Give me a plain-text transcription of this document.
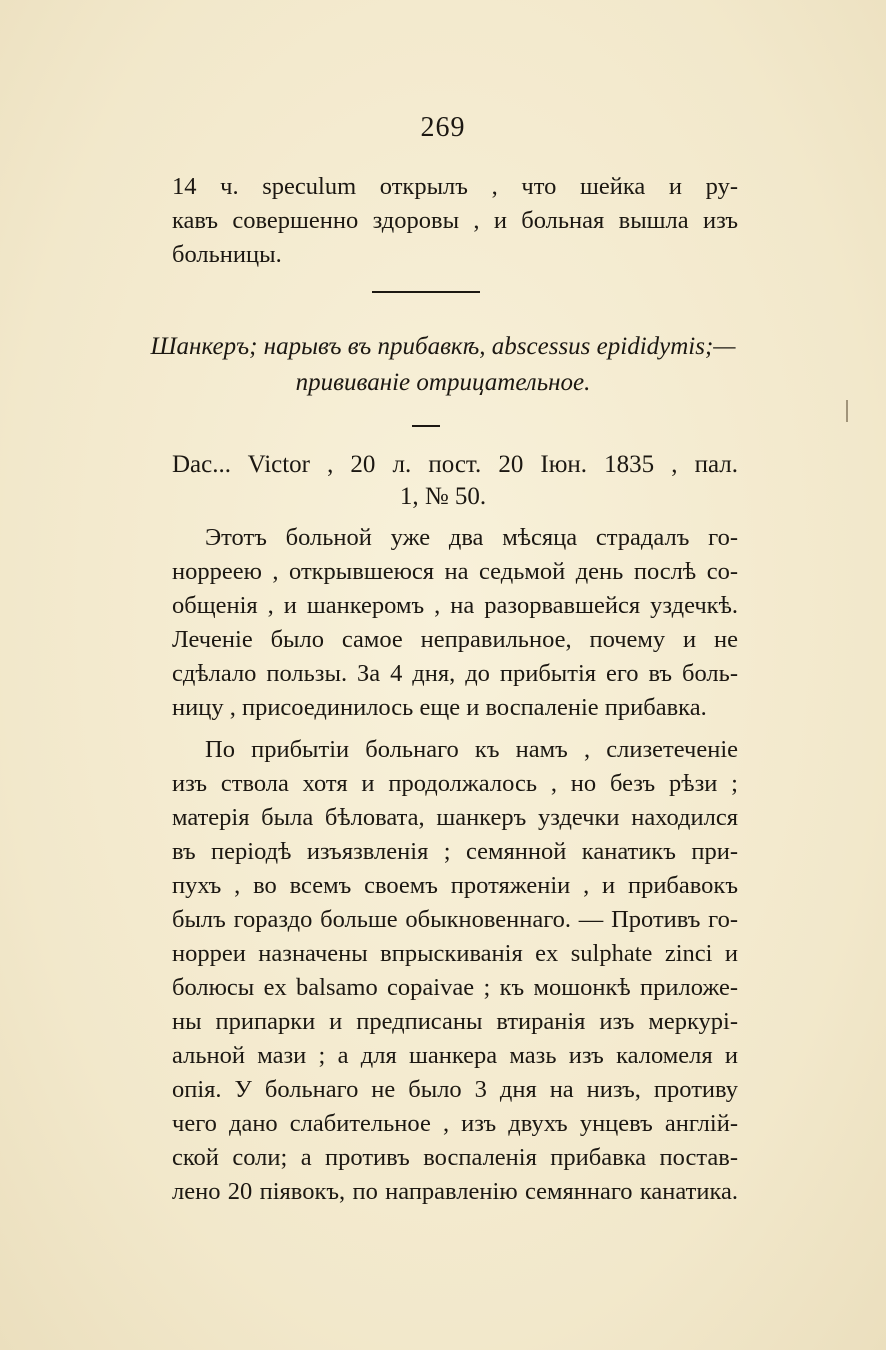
269
14 ч. speculum открылъ , что шейка и ру-
кавъ совершенно здоровы , и больная вышла изъ
больницы.
Шанкеръ; нарывъ въ прибавкѣ, abscessus epididymis;—
прививаніе отрицательное.
Dac... Victor , 20 л. пост. 20 Іюн. 1835 , пал.
1, № 50.
Этотъ больной уже два мѣсяца страдалъ го-
норреею , открывшеюся на седьмой день послѣ со-
общенія , и шанкеромъ , на разорвавшейся уздечкѣ.
Леченіе было самое неправильное, почему и не
сдѣлало пользы. За 4 дня, до прибытія его въ боль-
ницу , присоединилось еще и воспаленіе прибавка.
По прибытіи больнаго къ намъ , слизетеченіе
изъ ствола хотя и продолжалось , но безъ рѣзи ;
матерія была бѣловата, шанкеръ уздечки находился
въ періодѣ изъязвленія ; семянной канатикъ при-
пухъ , во всемъ своемъ протяженіи , и прибавокъ
былъ гораздо больше обыкновеннаго. — Противъ го-
норреи назначены впрыскиванія ex sulphate zinci и
болюсы ex balsamo copaivae ; къ мошонкѣ приложе-
ны припарки и предписаны втиранія изъ меркурі-
альной мази ; а для шанкера мазь изъ каломеля и
опія. У больнаго не было 3 дня на низъ, противу
чего дано слабительное , изъ двухъ унцевъ англій-
ской соли; а противъ воспаленія прибавка постав-
лено 20 піявокъ, по направленію семяннаго канатика.
